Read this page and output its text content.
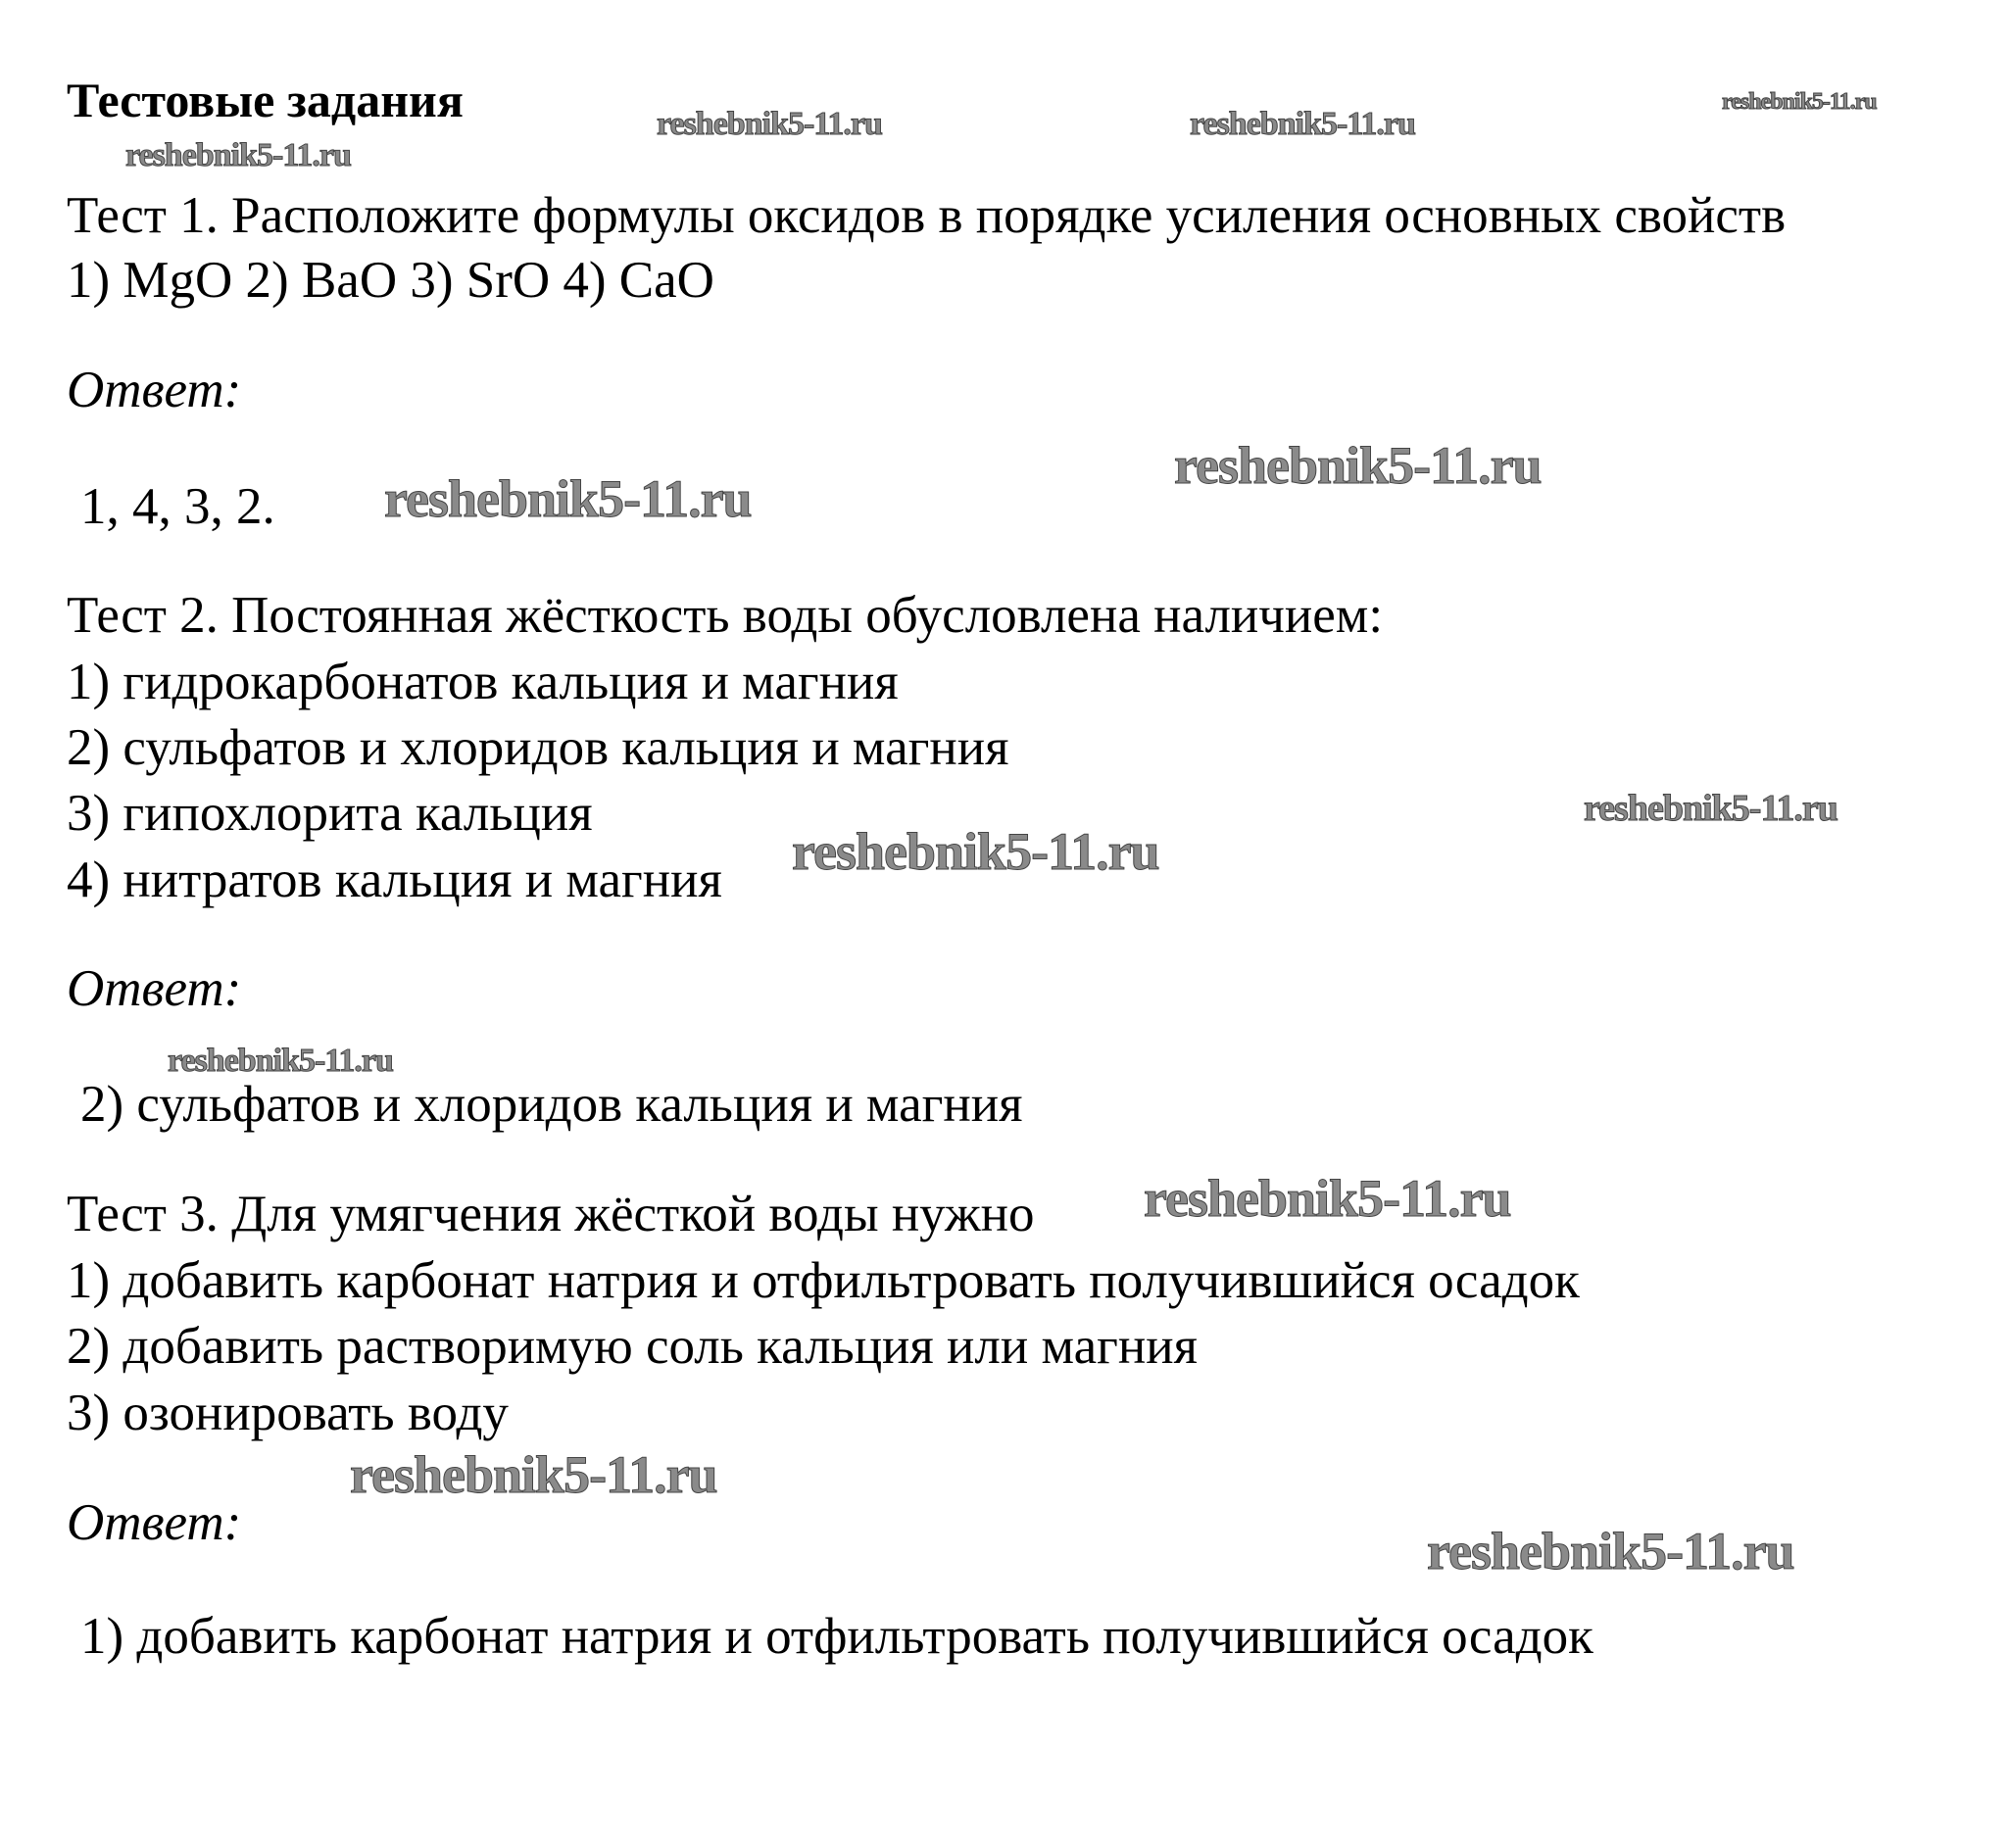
Тестовые задания
Тест 1. Расположите формулы оксидов в порядке усиления основных свойств
1) MgO 2) BaO 3) SrO 4) CaO
Ответ:
1, 4, 3, 2.
Тест 2. Постоянная жёсткость воды обусловлена наличием:
1) гидрокарбонатов кальция и магния
2) сульфатов и хлоридов кальция и магния
3) гипохлорита кальция
4) нитратов кальция и магния
Ответ:
2) сульфатов и хлоридов кальция и магния
Тест 3. Для умягчения жёсткой воды нужно
1) добавить карбонат натрия и отфильтровать получившийся осадок
2) добавить растворимую соль кальция или магния
3) озонировать воду
Ответ:
1) добавить карбонат натрия и отфильтровать получившийся осадок
reshebnik5-11.ru
reshebnik5-11.ru	reshebnik5-11.ru
reshebnik5-11.ru
reshebnik5-11.ru
reshebnik5-11.ru
reshebnik5-11.ru
reshebnik5-11.ru
reshebnik5-11.ru
reshebnik5-11.ru
reshebnik5-11.ru
reshebnik5-11.ru
